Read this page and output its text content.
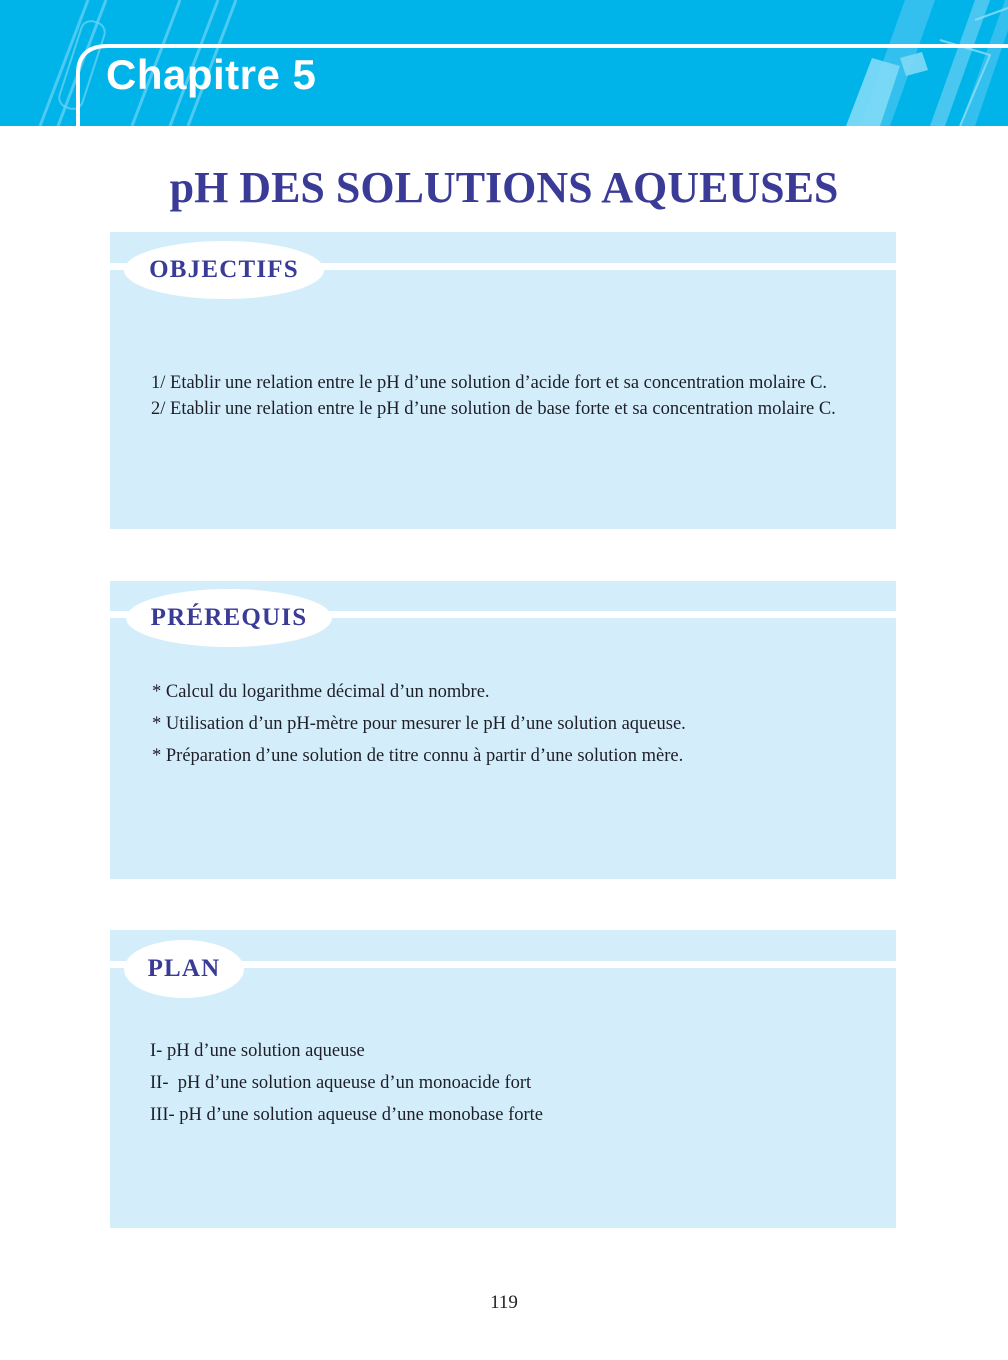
Chapitre 5
pH DES SOLUTIONS AQUEUSES
OBJECTIFS
1/ Etablir une relation entre le pH d’une solution d’acide fort et sa concentration molaire C.
2/ Etablir une relation entre le pH d’une solution de base forte et sa concentration molaire C.
PRÉREQUIS
* Calcul du logarithme décimal d’un nombre.
* Utilisation d’un pH-mètre pour mesurer le pH d’une solution aqueuse.
* Préparation d’une solution de titre connu à partir d’une solution mère.
PLAN
I- pH d’une solution aqueuse
II-  pH d’une solution aqueuse d’un monoacide fort
III- pH d’une solution aqueuse d’une monobase forte
119
